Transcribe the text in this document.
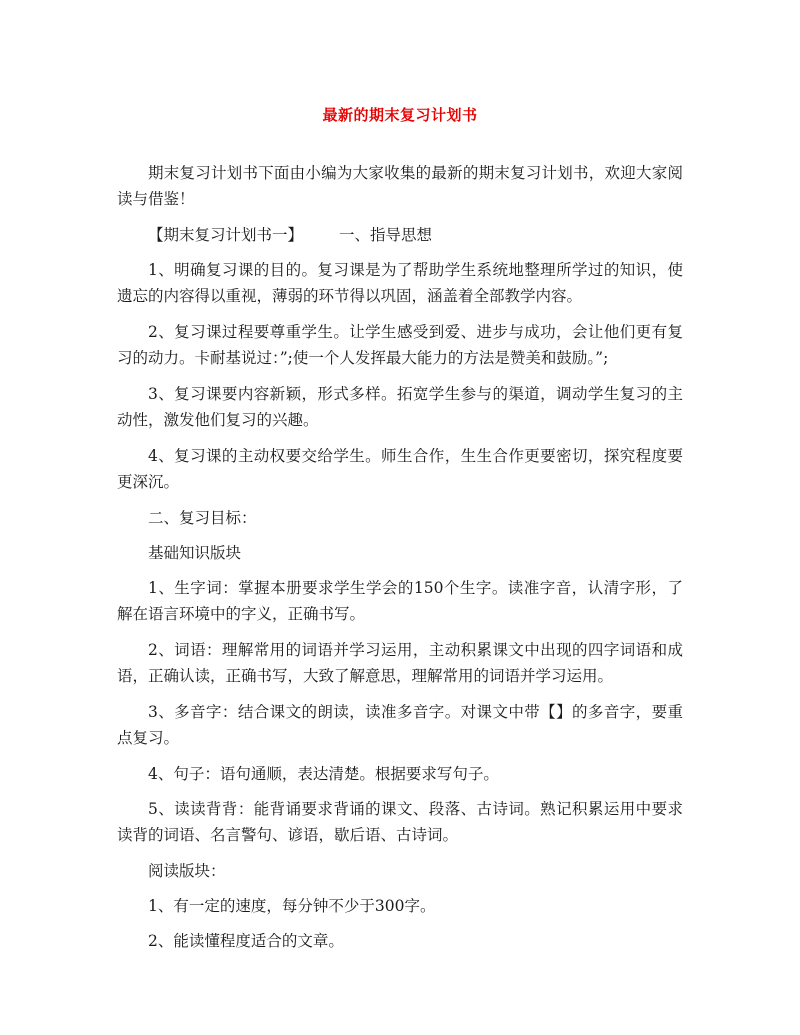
最新的期末复习计划书

期末复习计划书下面由小编为大家收集的最新的期末复习计划书，欢迎大家阅读与借鉴！

【期末复习计划书一】 一、指导思想

1、明确复习课的目的。复习课是为了帮助学生系统地整理所学过的知识，使遗忘的内容得以重视，薄弱的环节得以巩固，涵盖着全部教学内容。

2、复习课过程要尊重学生。让学生感受到爱、进步与成功，会让他们更有复习的动力。卡耐基说过：”;使一个人发挥最大能力的方法是赞美和鼓励。”;

3、复习课要内容新颖，形式多样。拓宽学生参与的渠道，调动学生复习的主动性，激发他们复习的兴趣。

4、复习课的主动权要交给学生。师生合作，生生合作更要密切，探究程度要更深沉。

二、复习目标：

基础知识版块

1、生字词：掌握本册要求学生学会的150个生字。读准字音，认清字形，了解在语言环境中的字义，正确书写。

2、词语：理解常用的词语并学习运用，主动积累课文中出现的四字词语和成语，正确认读，正确书写，大致了解意思，理解常用的词语并学习运用。

3、多音字：结合课文的朗读，读准多音字。对课文中带【】的多音字，要重点复习。

4、句子：语句通顺，表达清楚。根据要求写句子。

5、读读背背：能背诵要求背诵的课文、段落、古诗词。熟记积累运用中要求读背的词语、名言警句、谚语，歇后语、古诗词。

阅读版块：

1、有一定的速度，每分钟不少于300字。

2、能读懂程度适合的文章。
